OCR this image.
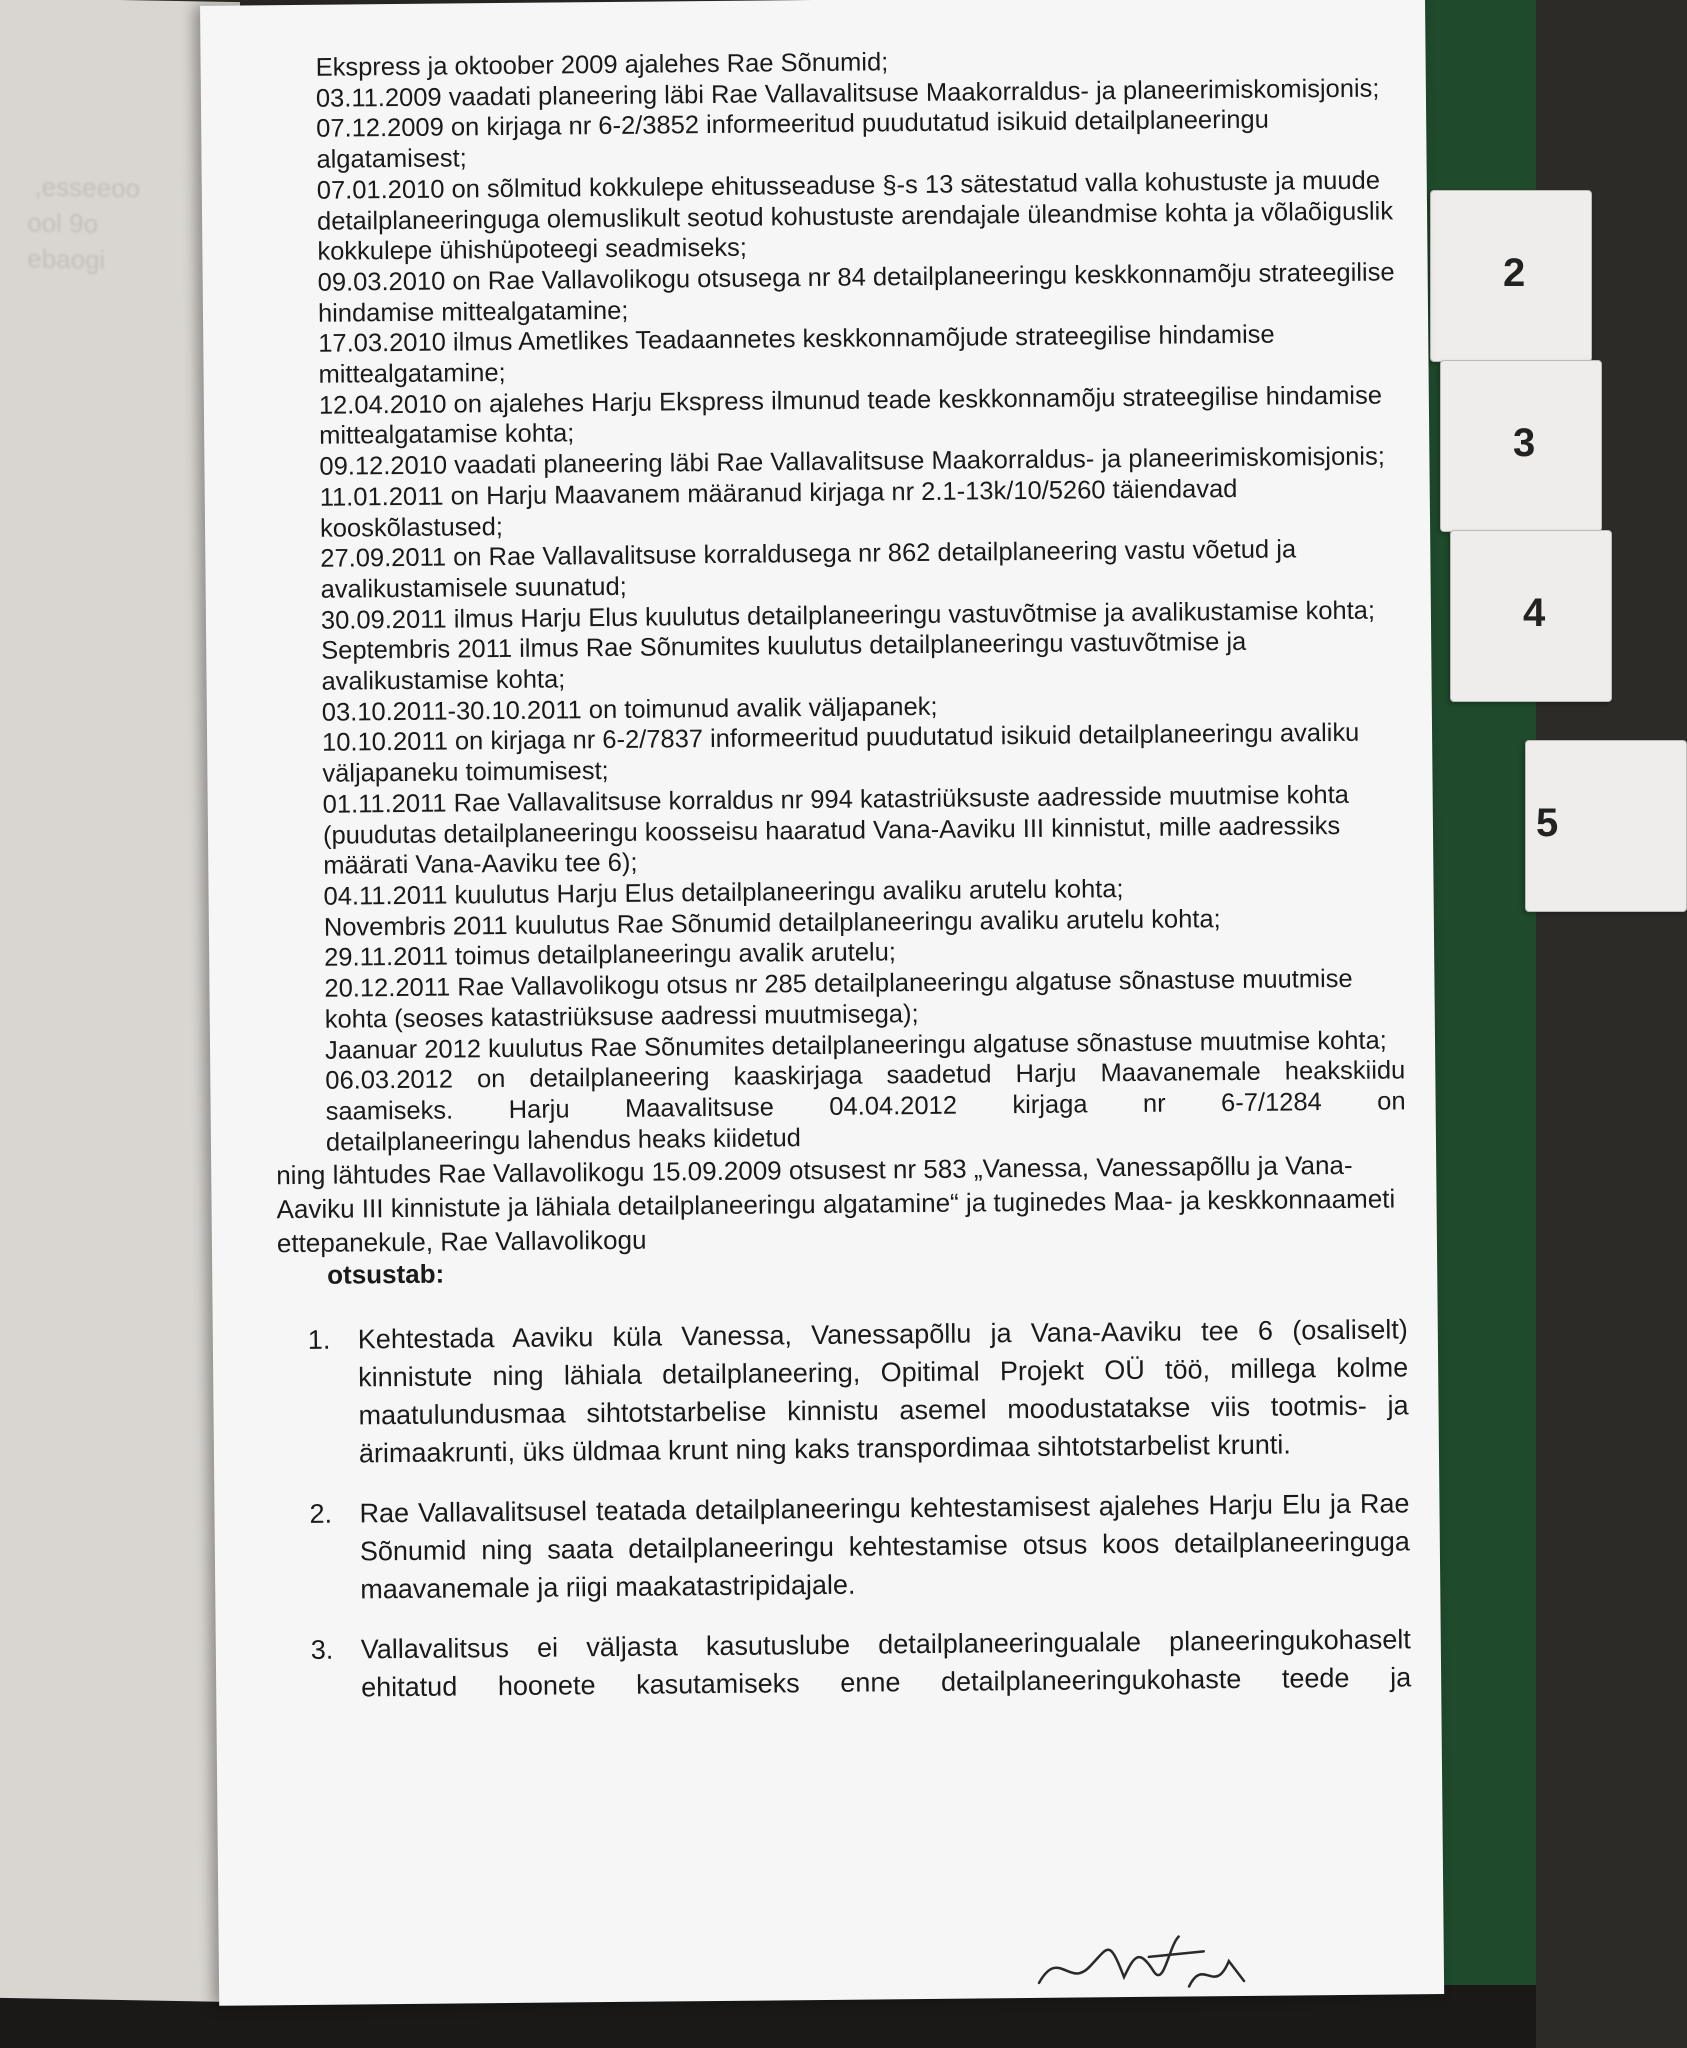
,esseeoo
ool 9o
ebaogi	2
3
4
5

Ekspress ja oktoober 2009 ajalehes Rae Sõnumid;

03.11.2009 vaadati planeering läbi Rae Vallavalitsuse Maakorraldus- ja planeerimiskomisjonis;

07.12.2009 on kirjaga nr 6-2/3852 informeeritud puudutatud isikuid detailplaneeringu algatamisest;

07.01.2010 on sõlmitud kokkulepe ehitusseaduse §-s 13 sätestatud valla kohustuste ja muude detailplaneeringuga olemuslikult seotud kohustuste arendajale üleandmise kohta ja võlaõiguslik kokkulepe ühishüpoteegi seadmiseks;

09.03.2010 on Rae Vallavolikogu otsusega nr 84 detailplaneeringu keskkonnamõju strateegilise hindamise mittealgatamine;

17.03.2010 ilmus Ametlikes Teadaannetes keskkonnamõjude strateegilise hindamise mittealgatamine;

12.04.2010 on ajalehes Harju Ekspress ilmunud teade keskkonnamõju strateegilise hindamise mittealgatamise kohta;

09.12.2010 vaadati planeering läbi Rae Vallavalitsuse Maakorraldus- ja planeerimiskomisjonis;

11.01.2011 on Harju Maavanem määranud kirjaga nr 2.1-13k/10/5260 täiendavad kooskõlastused;

27.09.2011 on Rae Vallavalitsuse korraldusega nr 862 detailplaneering vastu võetud ja avalikustamisele suunatud;

30.09.2011 ilmus Harju Elus kuulutus detailplaneeringu vastuvõtmise ja avalikustamise kohta;

Septembris 2011 ilmus Rae Sõnumites kuulutus detailplaneeringu vastuvõtmise ja avalikustamise kohta;

03.10.2011-30.10.2011 on toimunud avalik väljapanek;

10.10.2011 on kirjaga nr 6-2/7837 informeeritud puudutatud isikuid detailplaneeringu avaliku väljapaneku toimumisest;

01.11.2011 Rae Vallavalitsuse korraldus nr 994 katastriüksuste aadresside muutmise kohta (puudutas detailplaneeringu koosseisu haaratud Vana-Aaviku III kinnistut, mille aadressiks määrati Vana-Aaviku tee 6);

04.11.2011 kuulutus Harju Elus detailplaneeringu avaliku arutelu kohta;

Novembris 2011 kuulutus Rae Sõnumid detailplaneeringu avaliku arutelu kohta;

29.11.2011 toimus detailplaneeringu avalik arutelu;

20.12.2011 Rae Vallavolikogu otsus nr 285 detailplaneeringu algatuse sõnastuse muutmise kohta (seoses katastriüksuse aadressi muutmisega);

Jaanuar 2012 kuulutus Rae Sõnumites detailplaneeringu algatuse sõnastuse muutmise kohta;

06.03.2012 on detailplaneering kaaskirjaga saadetud Harju Maavanemale heakskiidu saamiseks. Harju Maavalitsuse 04.04.2012 kirjaga nr 6-7/1284 on

detailplaneeringu lahendus heaks kiidetud

ning lähtudes Rae Vallavolikogu 15.09.2009 otsusest nr 583 „Vanessa, Vanessapõllu ja Vana-Aaviku III kinnistute ja lähiala detailplaneeringu algatamine“ ja tuginedes Maa- ja keskkonnaameti ettepanekule, Rae Vallavolikogu

otsustab:

1.	Kehtestada Aaviku küla Vanessa, Vanessapõllu ja Vana-Aaviku tee 6 (osaliselt) kinnistute ning lähiala detailplaneering, Opitimal Projekt OÜ töö, millega kolme maatulundusmaa sihtotstarbelise kinnistu asemel moodustatakse viis tootmis- ja ärimaakrunti, üks üldmaa krunt ning kaks transpordimaa sihtotstarbelist krunti.
2.	Rae Vallavalitsusel teatada detailplaneeringu kehtestamisest ajalehes Harju Elu ja Rae Sõnumid ning saata detailplaneeringu kehtestamise otsus koos detailplaneeringuga maavanemale ja riigi maakatastripidajale.
3.	Vallavalitsus ei väljasta kasutuslube detailplaneeringualale planeeringukohaselt ehitatud hoonete kasutamiseks enne detailplaneeringukohaste teede ja
